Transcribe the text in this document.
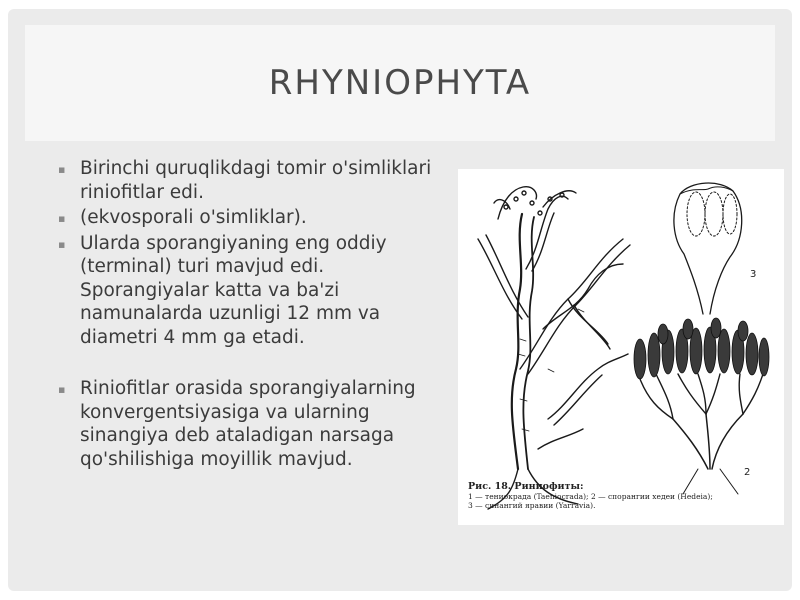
RHYNIOPHYTA
▪ Birinchi quruqlikdagi tomir o'simliklari riniofitlar edi.
▪ (ekvosporali o'simliklar).
▪ Ularda sporangiyaning eng oddiy (terminal) turi mavjud edi. Sporangiyalar katta va ba'zi namunalarda uzunligi 12 mm va diametri 4 mm ga etadi.
▪ Riniofitlar orasida sporangiyalarning konvergentsiyasiga va ularning sinangiya deb ataladigan narsaga qo'shilishiga moyillik mavjud.
3
2
Рис. 18. Риниофиты:
1 — тениокрада (Taeniocrada); 2 — спорангии хедеи (Hedeia);
3 — синангий яравии (Yarravia).
